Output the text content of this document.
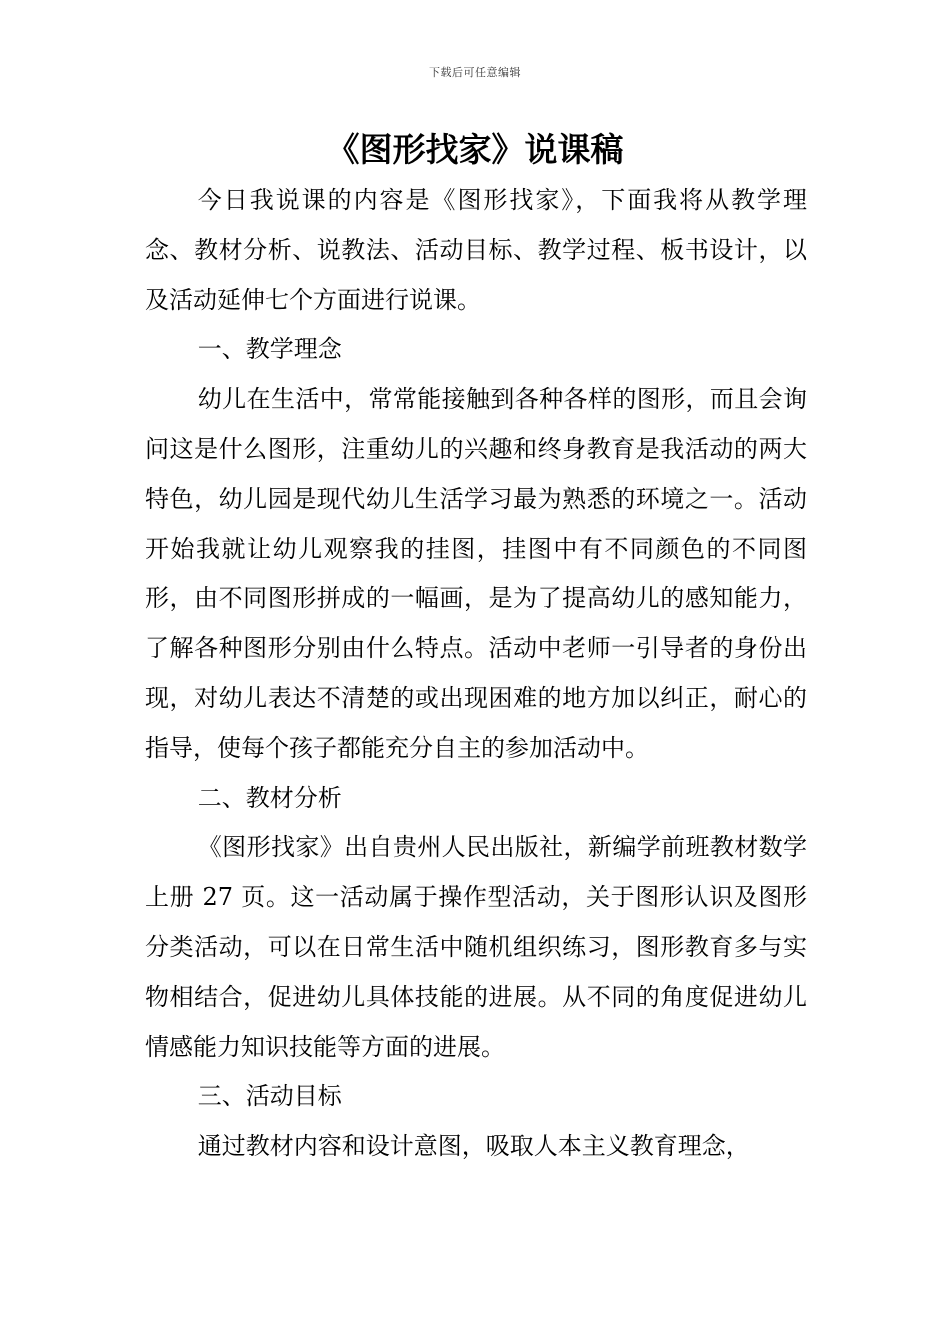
下载后可任意编辑
《图形找家》说课稿

今日我说课的内容是《图形找家》，下面我将从教学理念、教材分析、说教法、活动目标、教学过程、板书设计，以及活动延伸七个方面进行说课。

一、教学理念

幼儿在生活中，常常能接触到各种各样的图形，而且会询问这是什么图形，注重幼儿的兴趣和终身教育是我活动的两大特色，幼儿园是现代幼儿生活学习最为熟悉的环境之一。活动开始我就让幼儿观察我的挂图，挂图中有不同颜色的不同图形，由不同图形拼成的一幅画，是为了提高幼儿的感知能力，了解各种图形分别由什么特点。活动中老师一引导者的身份出现，对幼儿表达不清楚的或出现困难的地方加以纠正，耐心的指导，使每个孩子都能充分自主的参加活动中。

二、教材分析

《图形找家》出自贵州人民出版社，新编学前班教材数学上册 27 页。这一活动属于操作型活动，关于图形认识及图形分类活动，可以在日常生活中随机组织练习，图形教育多与实物相结合，促进幼儿具体技能的进展。从不同的角度促进幼儿情感能力知识技能等方面的进展。

三、活动目标

通过教材内容和设计意图，吸取人本主义教育理念，
